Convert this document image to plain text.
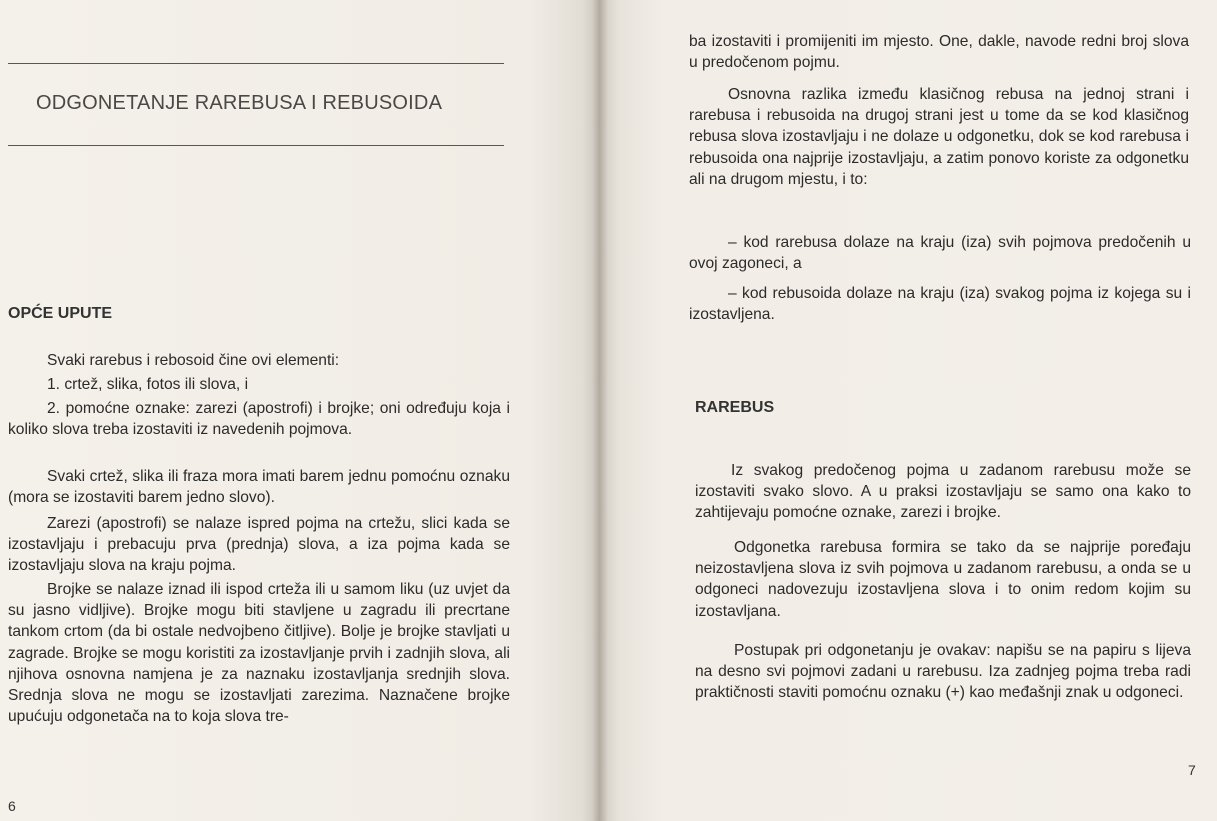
ODGONETANJE RAREBUSA I REBUSOIDA
OPĆE UPUTE

Svaki rarebus i rebosoid čine ovi elementi:

1. crtež, slika, fotos ili slova, i

2. pomoćne oznake: zarezi (apostrofi) i brojke; oni određuju koja i koliko slova treba izostaviti iz navedenih pojmova.

Svaki crtež, slika ili fraza mora imati barem jednu pomoćnu oznaku (mora se izostaviti barem jedno slovo).

Zarezi (apostrofi) se nalaze ispred pojma na crtežu, slici kada se izostavljaju i prebacuju prva (prednja) slova, a iza pojma kada se izostavljaju slova na kraju pojma.

Brojke se nalaze iznad ili ispod crteža ili u samom liku (uz uvjet da su jasno vidljive). Brojke mogu biti stavljene u zagradu ili precrtane tankom crtom (da bi ostale nedvojbeno čitljive). Bolje je brojke stavljati u zagrade. Brojke se mogu koristiti za izostavljanje prvih i zadnjih slova, ali njihova osnovna namjena je za naznaku izostavljanja srednjih slova. Srednja slova ne mogu se izostavljati zarezima. Naznačene brojke upućuju odgonetača na to koja slova tre-

6

ba izostaviti i promijeniti im mjesto. One, dakle, navode redni broj slova u predočenom pojmu.

Osnovna razlika između klasičnog rebusa na jednoj strani i rarebusa i rebusoida na drugoj strani jest u tome da se kod klasičnog rebusa slova izostavljaju i ne dolaze u odgonetku, dok se kod rarebusa i rebusoida ona najprije izostavljaju, a zatim ponovo koriste za odgonetku ali na drugom mjestu, i to:

– kod rarebusa dolaze na kraju (iza) svih pojmova predočenih u ovoj zagoneci, a

– kod rebusoida dolaze na kraju (iza) svakog pojma iz kojega su i izostavljena.

RAREBUS

Iz svakog predočenog pojma u zadanom rarebusu može se izostaviti svako slovo. A u praksi izostavljaju se samo ona kako to zahtijevaju pomoćne oznake, zarezi i brojke.

Odgonetka rarebusa formira se tako da se najprije poređaju neizostavljena slova iz svih pojmova u zadanom rarebusu, a onda se u odgoneci nadovezuju izostavljena slova i to onim redom kojim su izostavljana.

Postupak pri odgonetanju je ovakav: napišu se na papiru s lijeva na desno svi pojmovi zadani u rarebusu. Iza zadnjeg pojma treba radi praktičnosti staviti pomoćnu oznaku (+) kao međašnji znak u odgoneci.

7
